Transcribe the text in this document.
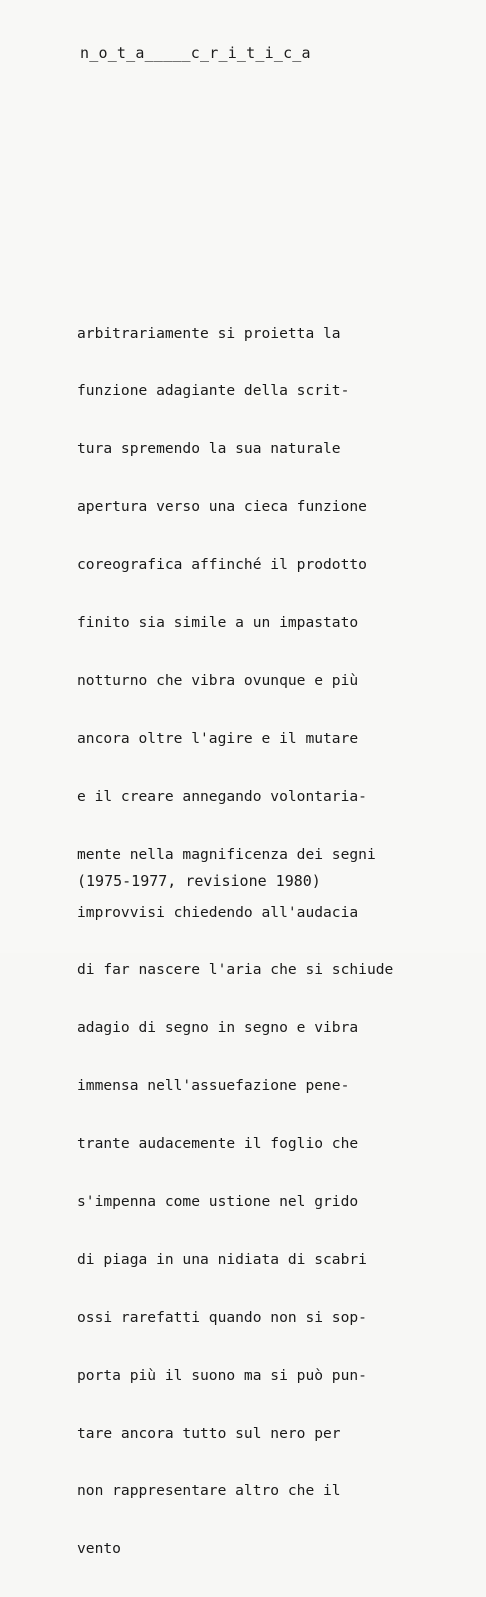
n_o_t_a_____c_r_i_t_i_c_a

arbitrariamente si proietta la

funzione adagiante della scrit-

tura spremendo la sua naturale

apertura verso una cieca funzione

coreografica affinché il prodotto

finito sia simile a un impastato

notturno che vibra ovunque e più

ancora oltre l'agire e il mutare

e il creare annegando volontaria-

mente nella magnificenza dei segni

improvvisi chiedendo all'audacia

di far nascere l'aria che si schiude

adagio di segno in segno e vibra

immensa nell'assuefazione pene-

trante audacemente il foglio che

s'impenna come ustione nel grido

di piaga in una nidiata di scabri

ossi rarefatti quando non si sop-

porta più il suono ma si può pun-

tare ancora tutto sul nero per

non rappresentare altro che il

vento

(1975-1977, revisione 1980)
